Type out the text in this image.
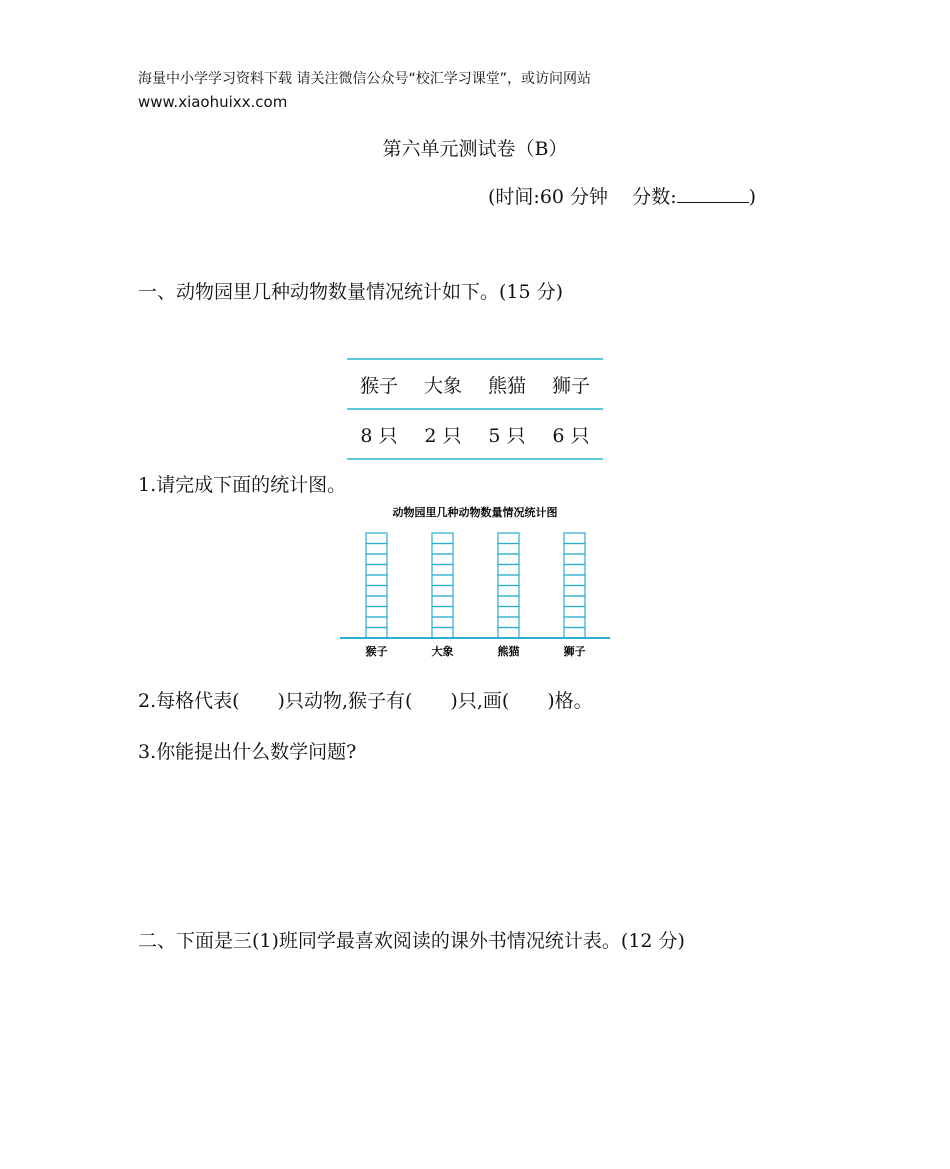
海量中小学学习资料下载 请关注微信公众号“校汇学习课堂”，或访问网站
www.xiaohuixx.com
第六单元测试卷（B）
(时间:60 分钟 分数:	)
一、动物园里几种动物数量情况统计如下。(15 分)
猴子	大象	熊猫	狮子
8 只	2 只	5 只	6 只
1.请完成下面的统计图。
动物园里几种动物数量情况统计图
猴子	大象	熊猫	狮子
2.每格代表(　　)只动物,猴子有(　　)只,画(　　)格。
3.你能提出什么数学问题?
二、下面是三(1)班同学最喜欢阅读的课外书情况统计表。(12 分)
